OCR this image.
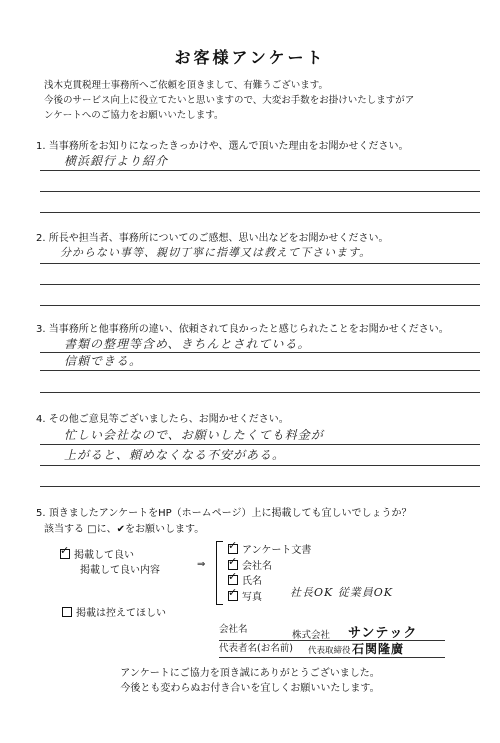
お客様アンケート
浅木克貫税理士事務所へご依頼を頂きまして、有難うございます。
今後のサービス向上に役立てたいと思いますので、大変お手数をお掛けいたしますがア
ンケートへのご協力をお願いいたします。
1. 当事務所をお知りになったきっかけや、選んで頂いた理由をお聞かせください。
横浜銀行より紹介
2. 所長や担当者、事務所についてのご感想、思い出などをお聞かせください。
分からない事等、親切丁寧に指導又は教えて下さいます。
3. 当事務所と他事務所の違い、依頼されて良かったと感じられたことをお聞かせください。
書類の整理等含め、きちんとされている。
信頼できる。
4. その他ご意見等ございましたら、お聞かせください。
忙しい会社なので、お願いしたくても料金が
上がると、頼めなくなる不安がある。
5. 頂きましたアンケートをHP（ホームページ）上に掲載しても宜しいでしょうか？
該当する □に、✔をお願いします。
✓掲載して良い
掲載して良い内容
⇒
✓アンケート文書
✓会社名
✓氏名
✓写真	社長OK 従業員OK
掲載は控えてほしい
会社名
株式会社 サンテック
代表者名(お名前) 代表取締役 石関隆廣
アンケートにご協力を頂き誠にありがとうございました。
今後とも変わらぬお付き合いを宜しくお願いいたします。
